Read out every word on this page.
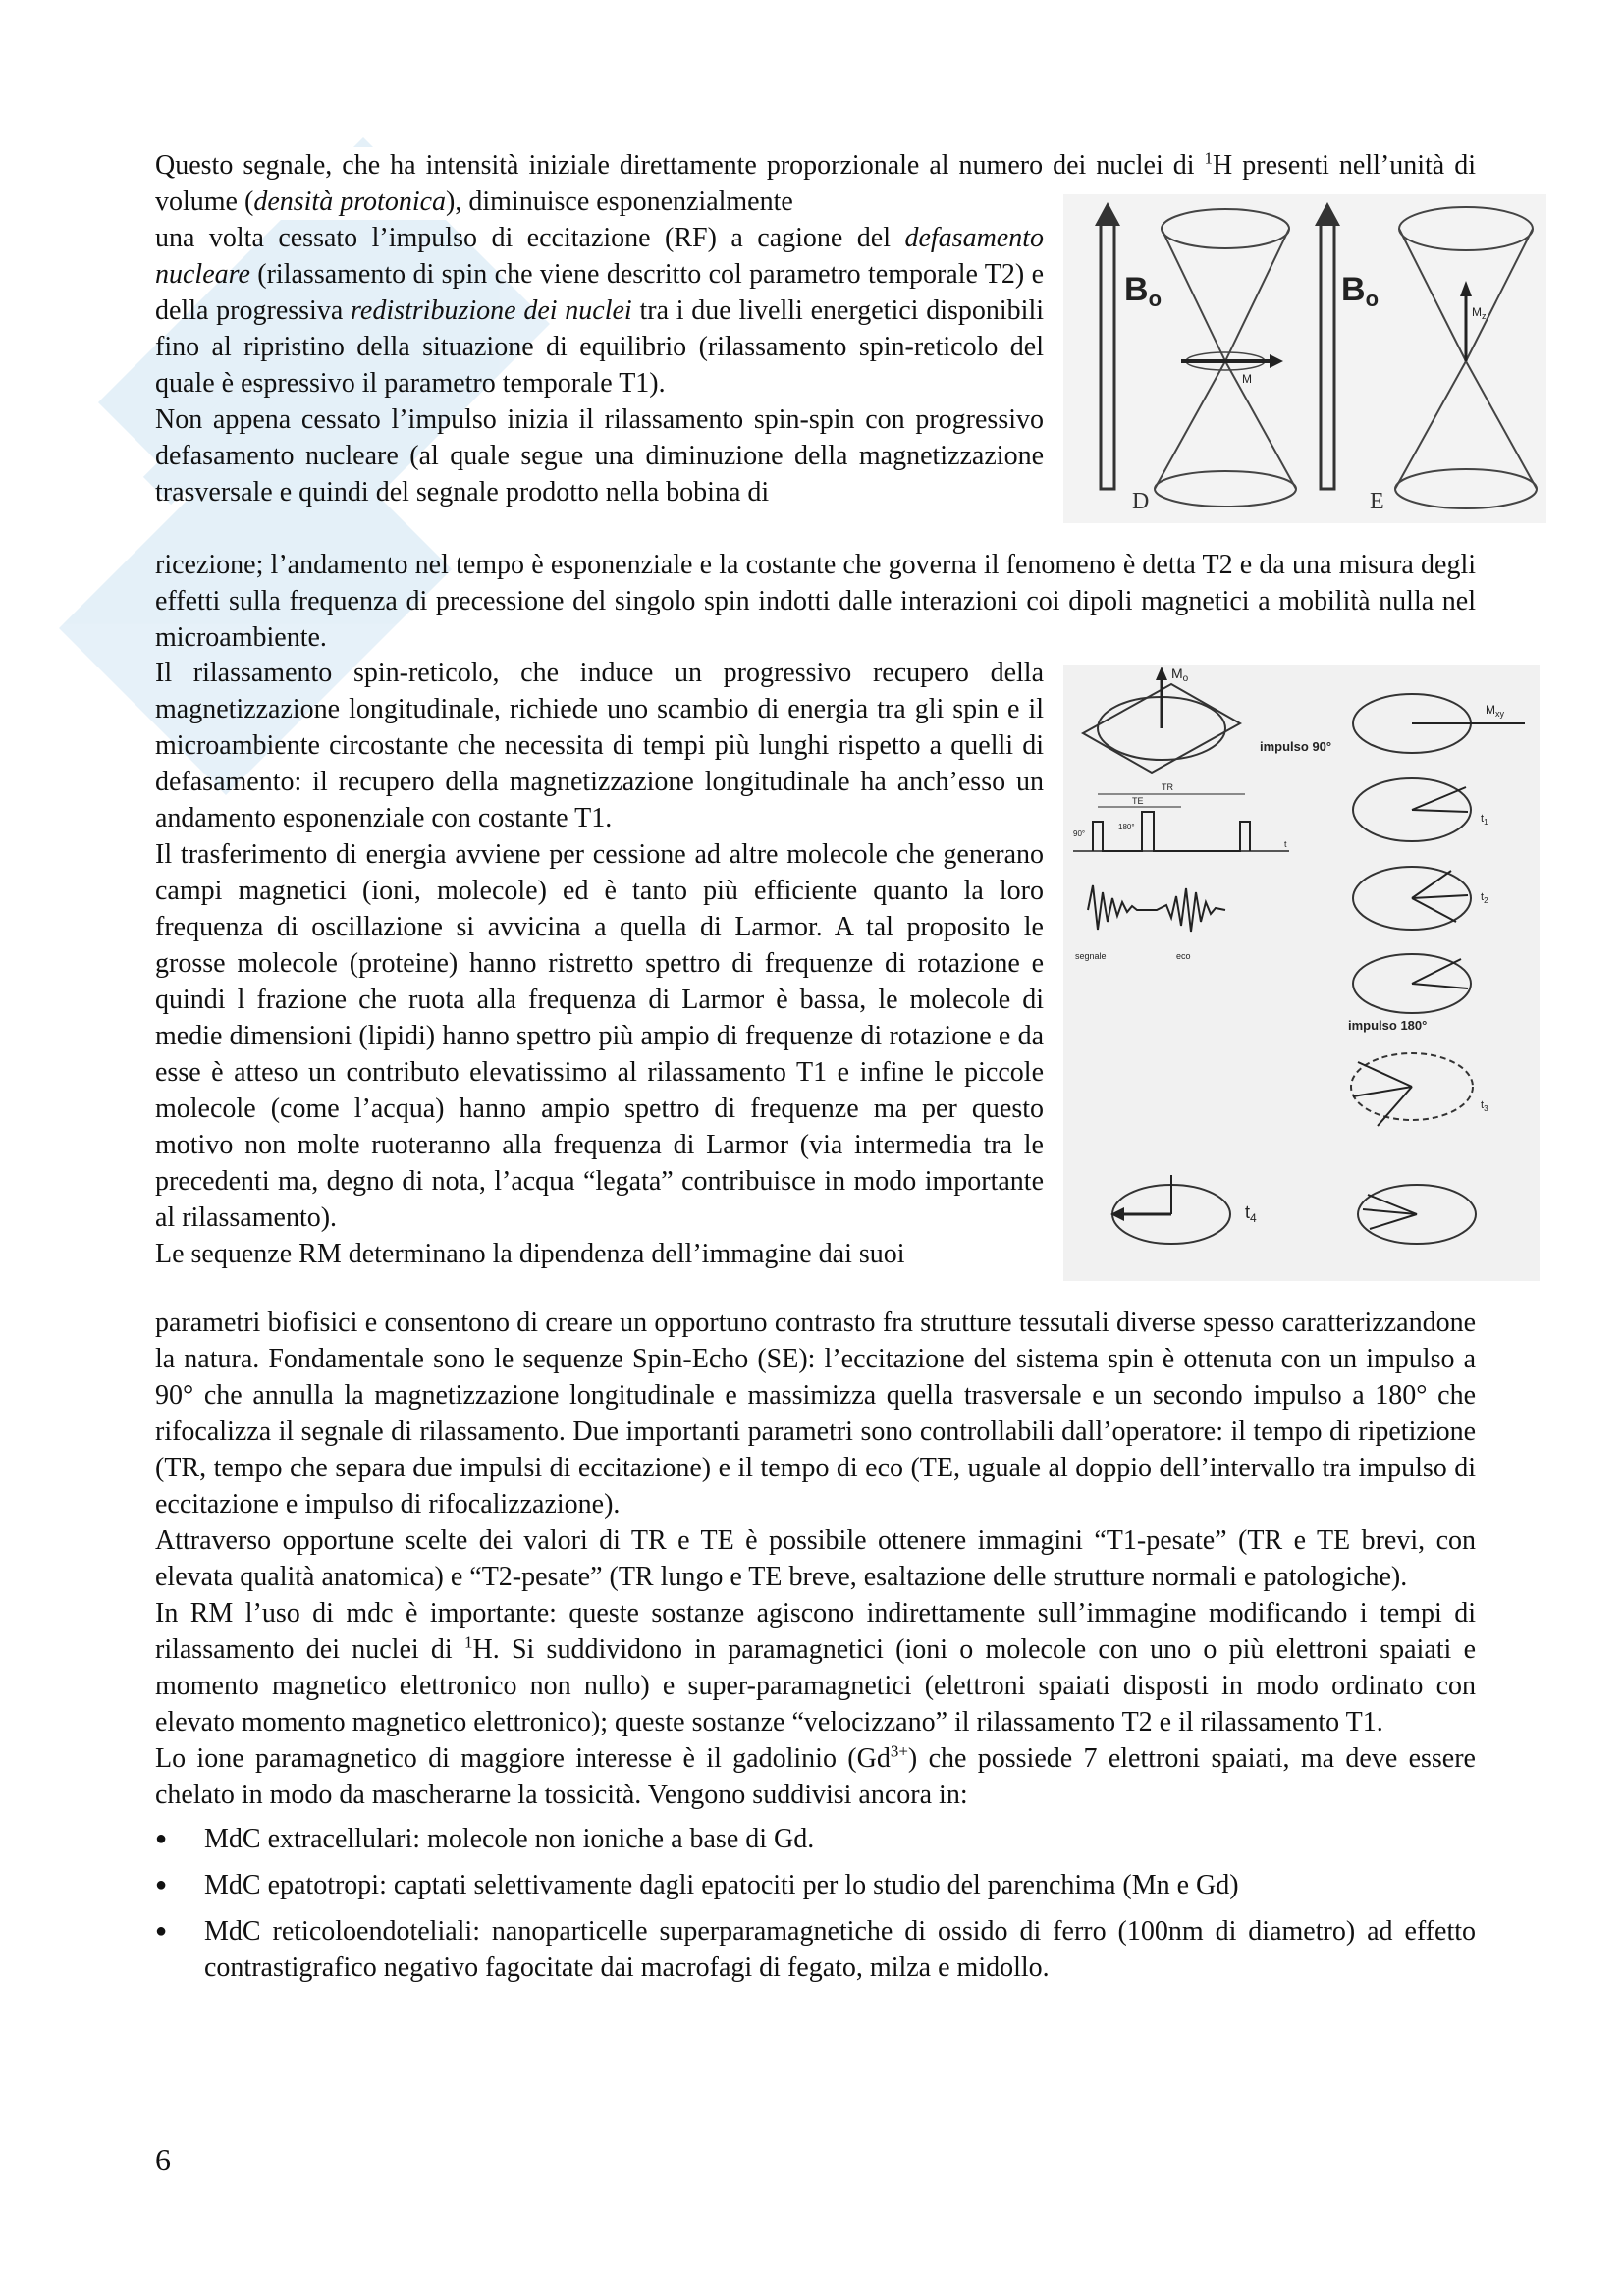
Questo segnale, che ha intensità iniziale direttamente proporzionale al numero dei nuclei di $^1$H presenti nell’unità di volume (densità protonica), diminuisce esponenzialmente

una volta cessato l’impulso di eccitazione (RF) a cagione del defasamento nucleare (rilassamento di spin che viene descritto col parametro temporale T2) e della progressiva redistribuzione dei nuclei tra i due livelli energetici disponibili fino al ripristino della situazione di equilibrio (rilassamento spin-reticolo del quale è espressivo il parametro temporale T1).

Non appena cessato l’impulso inizia il rilassamento spin-spin con progressivo defasamento nucleare (al quale segue una diminuzione della magnetizzazione trasversale e quindi del segnale prodotto nella bobina di

ricezione; l’andamento nel tempo è esponenziale e la costante che governa il fenomeno è detta T2 e da una misura degli effetti sulla frequenza di precessione del singolo spin indotti dalle interazioni coi dipoli magnetici a mobilità nulla nel microambiente.

Il rilassamento spin-reticolo, che induce un progressivo recupero della magnetizzazione longitudinale, richiede uno scambio di energia tra gli spin e il microambiente circostante che necessita di tempi più lunghi rispetto a quelli di defasamento: il recupero della magnetizzazione longitudinale ha anch’esso un andamento esponenziale con costante T1.

Il trasferimento di energia avviene per cessione ad altre molecole che generano campi magnetici (ioni, molecole) ed è tanto più efficiente quanto la loro frequenza di oscillazione si avvicina a quella di Larmor. A tal proposito le grosse molecole (proteine) hanno ristretto spettro di frequenze di rotazione e quindi l frazione che ruota alla frequenza di Larmor è bassa, le molecole di medie dimensioni (lipidi) hanno spettro più ampio di frequenze di rotazione e da esse è atteso un contributo elevatissimo al rilassamento T1 e infine le piccole molecole (come l’acqua) hanno ampio spettro di frequenze ma per questo motivo non molte ruoteranno alla frequenza di Larmor (via intermedia tra le precedenti ma, degno di nota, l’acqua “legata” contribuisce in modo importante al rilassamento).

Le sequenze RM determinano la dipendenza dell’immagine dai suoi

parametri biofisici e consentono di creare un opportuno contrasto fra strutture tessutali diverse spesso caratterizzandone la natura. Fondamentale sono le sequenze Spin-Echo (SE): l’eccitazione del sistema spin è ottenuta con un impulso a 90° che annulla la magnetizzazione longitudinale e massimizza quella trasversale e un secondo impulso a 180° che rifocalizza il segnale di rilassamento. Due importanti parametri sono controllabili dall’operatore: il tempo di ripetizione (TR, tempo che separa due impulsi di eccitazione) e il tempo di eco (TE, uguale al doppio dell’intervallo tra impulso di eccitazione e impulso di rifocalizzazione).

Attraverso opportune scelte dei valori di TR e TE è possibile ottenere immagini “T1-pesate” (TR e TE brevi, con elevata qualità anatomica) e “T2-pesate” (TR lungo e TE breve, esaltazione delle strutture normali e patologiche).

In RM l’uso di mdc è importante: queste sostanze agiscono indirettamente sull’immagine modificando i tempi di rilassamento dei nuclei di $^1$H. Si suddividono in paramagnetici (ioni o molecole con uno o più elettroni spaiati e momento magnetico elettronico non nullo) e super-paramagnetici (elettroni spaiati disposti in modo ordinato con elevato momento magnetico elettronico); queste sostanze “velocizzano” il rilassamento T2 e il rilassamento T1.

Lo ione paramagnetico di maggiore interesse è il gadolinio $(Gd^{3+})$ che possiede 7 elettroni spaiati, ma deve essere chelato in modo da mascherarne la tossicità. Vengono suddivisi ancora in:

● MdC extracellulari: molecole non ioniche a base di Gd.
● MdC epatotropi: captati selettivamente dagli epatociti per lo studio del parenchima (Mn e Gd)
● MdC reticoloendoteliali: nanoparticelle superparamagnetiche di ossido di ferro (100nm di diametro) ad effetto contrastigrafico negativo fagocitate dai macrofagi di fegato, milza e midollo.
Bo	Bo
M
$M_z$
D	E
$M_o$
impulso 90°
$M_{xy}$
$t_1$
$t_2$
impulso 180°
$t_3$
TR
TE
90°
180°
t
segnale	eco
$t_4$
6
